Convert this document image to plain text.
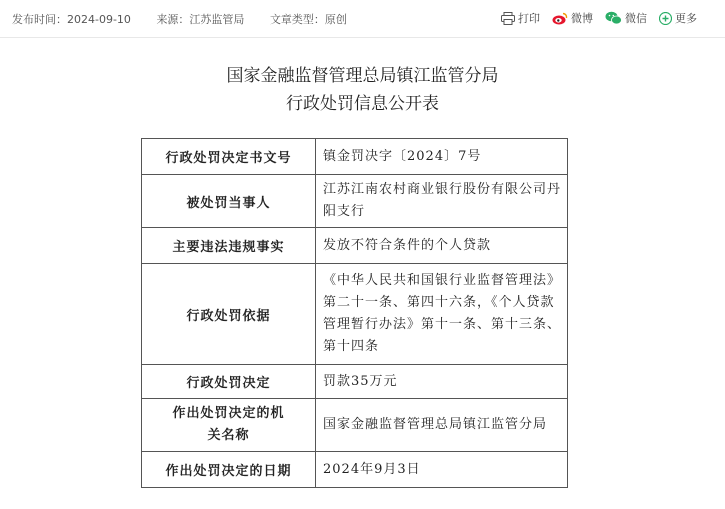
发布时间：2024-09-10 来源：江苏监管局 文章类型：原创	打印	微博	微信	更多
国家金融监督管理总局镇江监管分局
行政处罚信息公开表
行政处罚决定书文号	镇金罚决字〔2024〕7号
被处罚当事人	江苏江南农村商业银行股份有限公司丹阳支行
主要违法违规事实	发放不符合条件的个人贷款
行政处罚依据	《中华人民共和国银行业监督管理法》第二十一条、第四十六条，《个人贷款管理暂行办法》第十一条、第十三条、第十四条
行政处罚决定	罚款35万元
作出处罚决定的机关名称	国家金融监督管理总局镇江监管分局
作出处罚决定的日期	2024年9月3日
